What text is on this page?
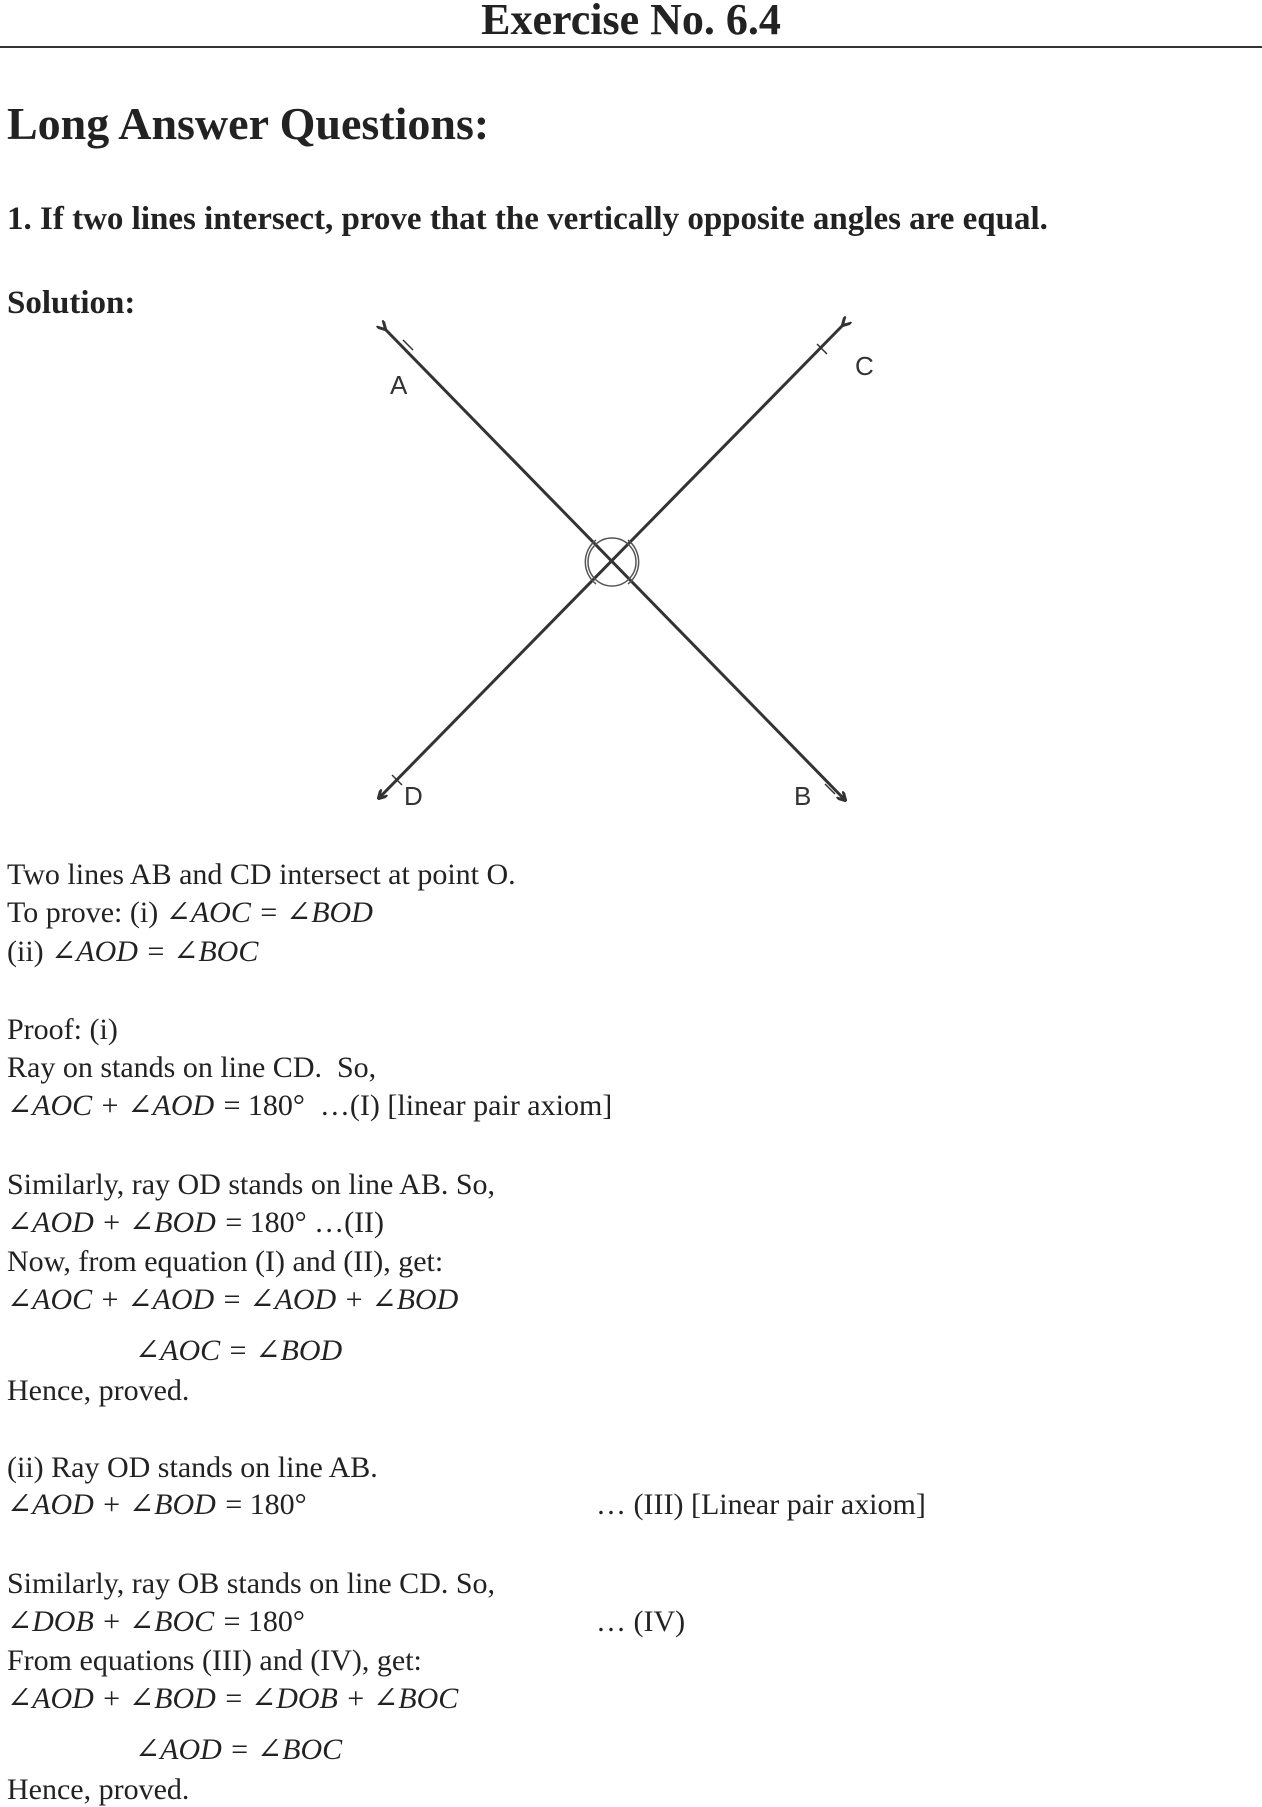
Exercise No. 6.4
Long Answer Questions:
1. If two lines intersect, prove that the vertically opposite angles are equal.
Solution:
A
C
D	B
Two lines AB and CD intersect at point O.
To prove: (i) ∠AOC = ∠BOD
(ii) ∠AOD = ∠BOC
Proof: (i)
Ray on stands on line CD.  So,
∠AOC + ∠AOD = 180°  …(I) [linear pair axiom]
Similarly, ray OD stands on line AB. So,
∠AOD + ∠BOD = 180° …(II)
Now, from equation (I) and (II), get:
∠AOC + ∠AOD = ∠AOD + ∠BOD
∠AOC = ∠BOD
Hence, proved.
(ii) Ray OD stands on line AB.
∠AOD + ∠BOD = 180°	… (III) [Linear pair axiom]
Similarly, ray OB stands on line CD. So,
∠DOB + ∠BOC = 180°	… (IV)
From equations (III) and (IV), get:
∠AOD + ∠BOD = ∠DOB + ∠BOC
∠AOD = ∠BOC
Hence, proved.
